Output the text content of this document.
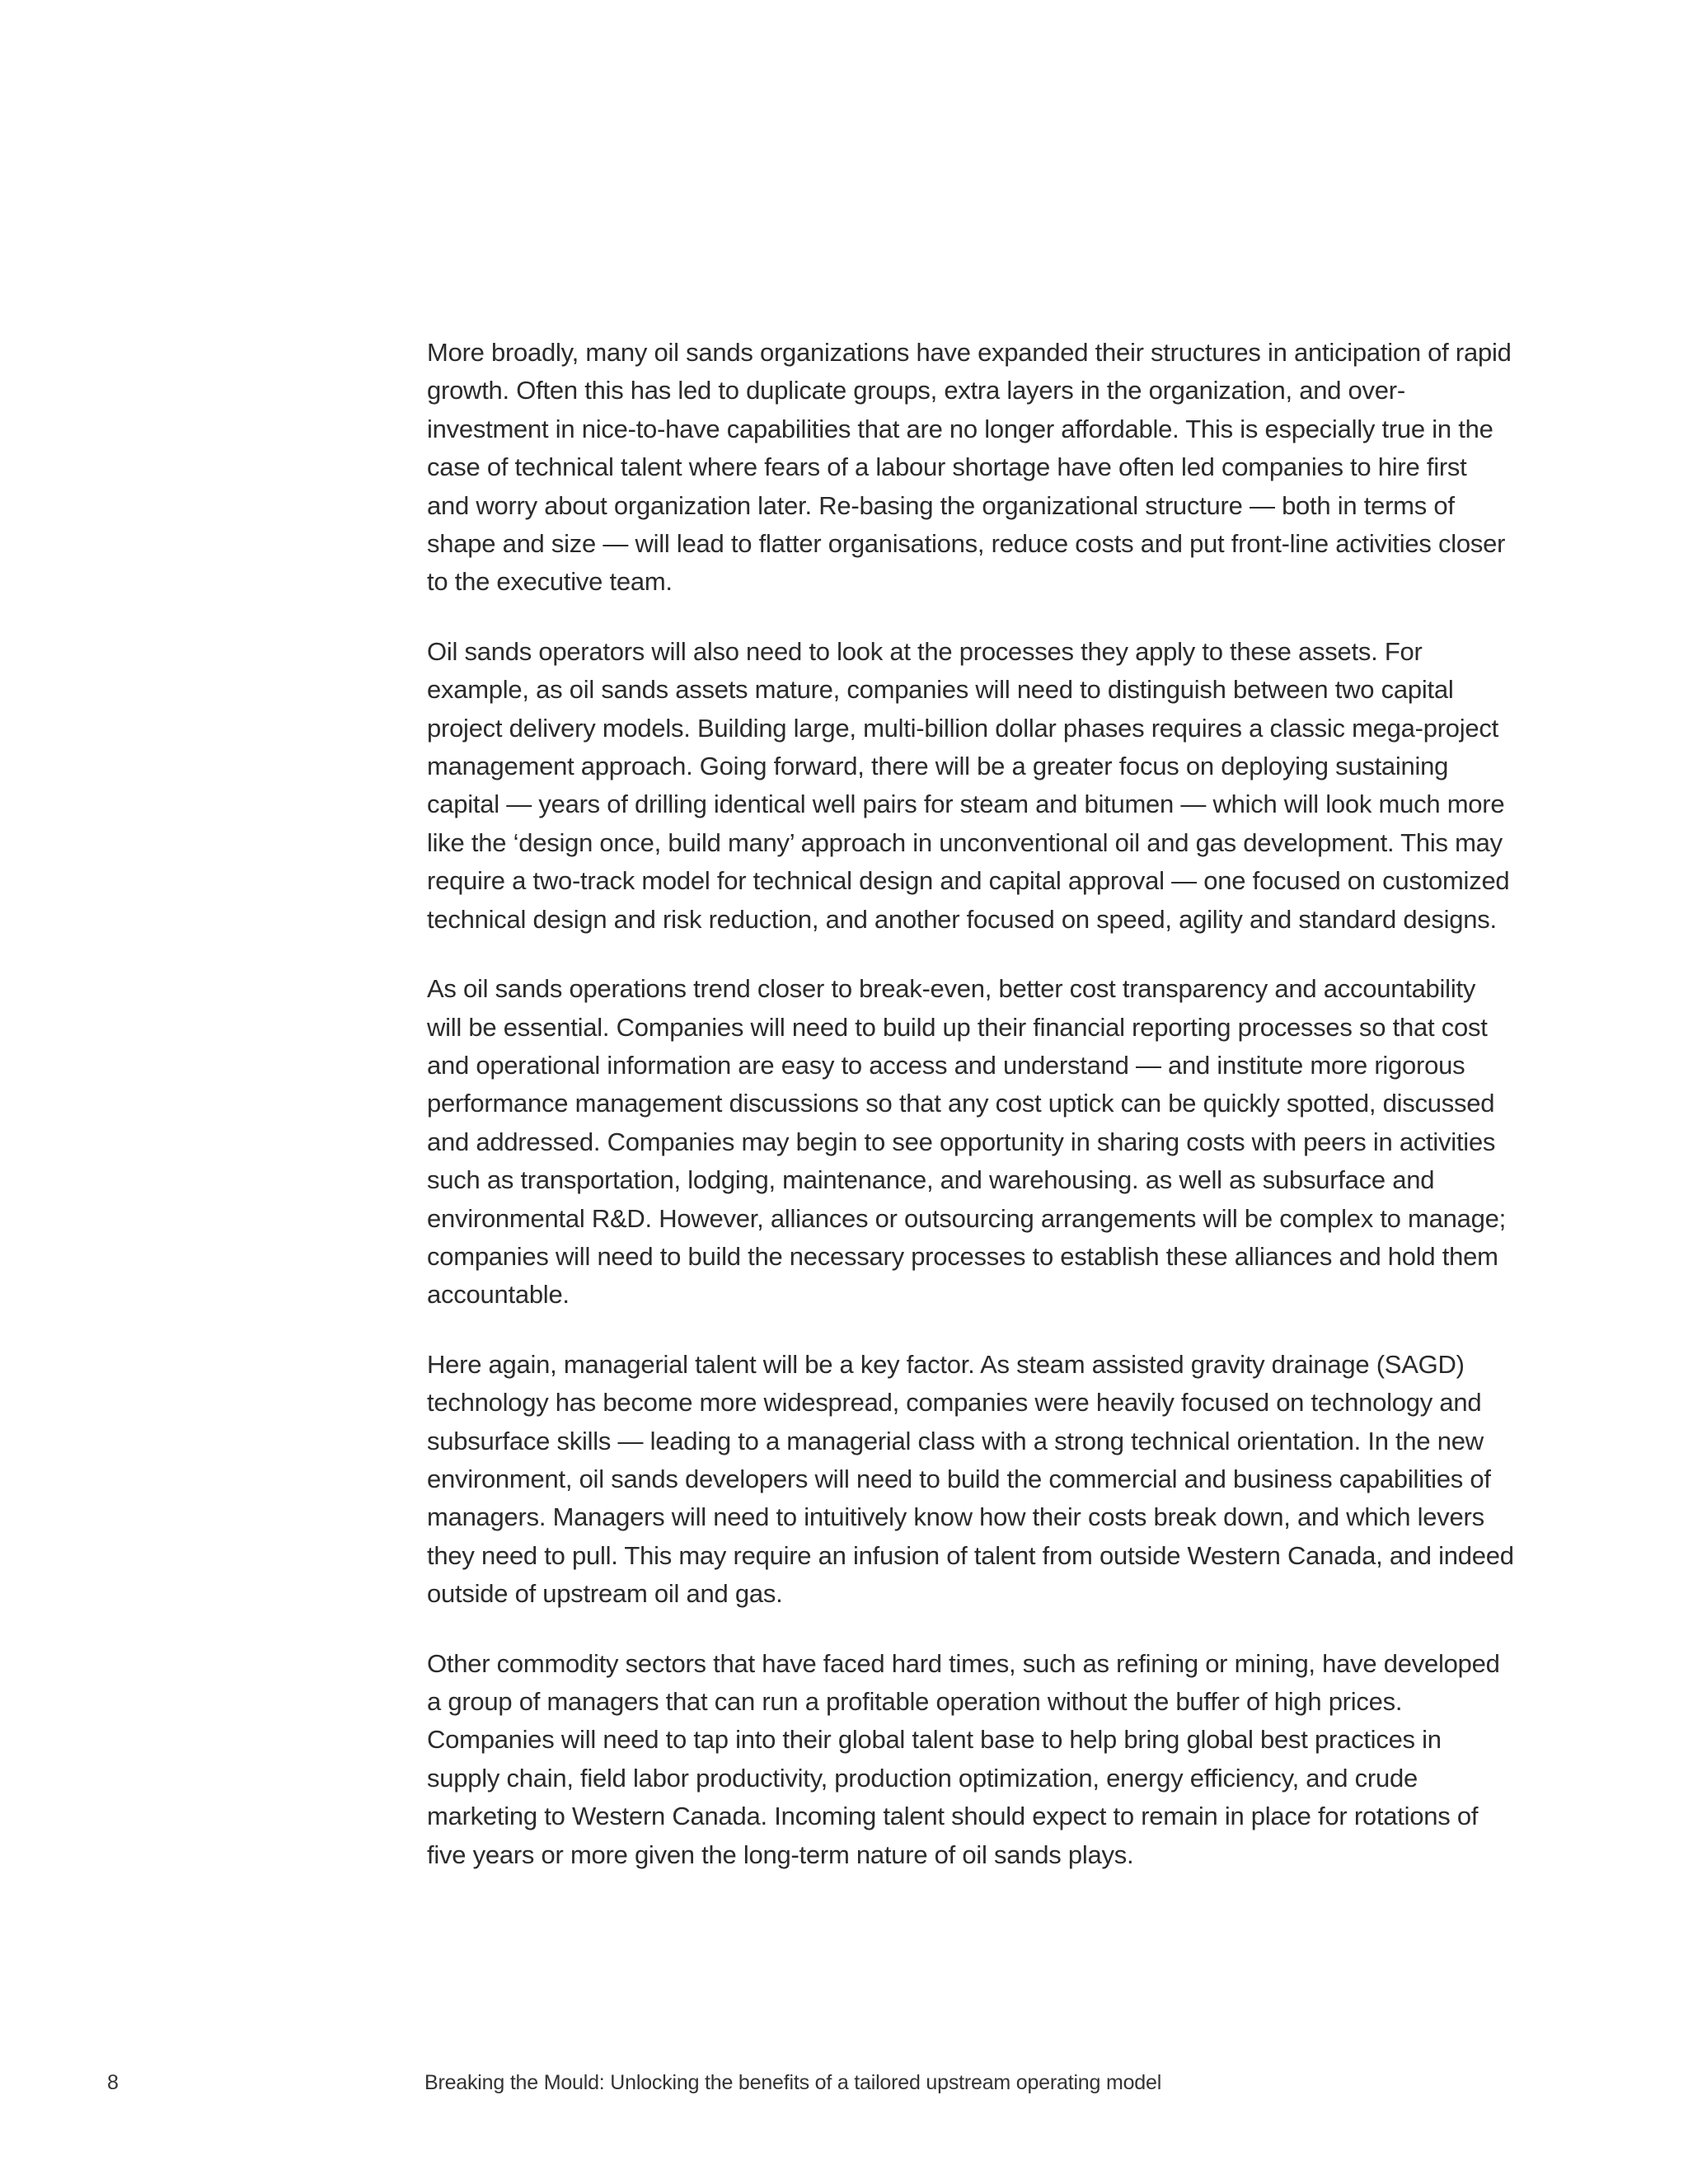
More broadly, many oil sands organizations have expanded their structures in anticipation of rapid growth. Often this has led to duplicate groups, extra layers in the organization, and over-investment in nice-to-have capabilities that are no longer affordable. This is especially true in the case of technical talent where fears of a labour shortage have often led companies to hire first and worry about organization later. Re-basing the organizational structure — both in terms of shape and size — will lead to flatter organisations, reduce costs and put front-line activities closer to the executive team.

Oil sands operators will also need to look at the processes they apply to these assets. For example, as oil sands assets mature, companies will need to distinguish between two capital project delivery models. Building large, multi-billion dollar phases requires a classic mega-project management approach. Going forward, there will be a greater focus on deploying sustaining capital — years of drilling identical well pairs for steam and bitumen — which will look much more like the ‘design once, build many’ approach in unconventional oil and gas development. This may require a two-track model for technical design and capital approval — one focused on customized technical design and risk reduction, and another focused on speed, agility and standard designs.

As oil sands operations trend closer to break-even, better cost transparency and accountability will be essential. Companies will need to build up their financial reporting processes so that cost and operational information are easy to access and understand — and institute more rigorous performance management discussions so that any cost uptick can be quickly spotted, discussed and addressed. Companies may begin to see opportunity in sharing costs with peers in activities such as transportation, lodging, maintenance, and warehousing. as well as subsurface and environmental R&D. However, alliances or outsourcing arrangements will be complex to manage; companies will need to build the necessary processes to establish these alliances and hold them accountable.

Here again, managerial talent will be a key factor. As steam assisted gravity drainage (SAGD) technology has become more widespread, companies were heavily focused on technology and subsurface skills — leading to a managerial class with a strong technical orientation. In the new environment, oil sands developers will need to build the commercial and business capabilities of managers. Managers will need to intuitively know how their costs break down, and which levers they need to pull. This may require an infusion of talent from outside Western Canada, and indeed outside of upstream oil and gas.

Other commodity sectors that have faced hard times, such as refining or mining, have developed a group of managers that can run a profitable operation without the buffer of high prices. Companies will need to tap into their global talent base to help bring global best practices in supply chain, field labor productivity, production optimization, energy efficiency, and crude marketing to Western Canada. Incoming talent should expect to remain in place for rotations of five years or more given the long-term nature of oil sands plays.

8	Breaking the Mould: Unlocking the benefits of a tailored upstream operating model
